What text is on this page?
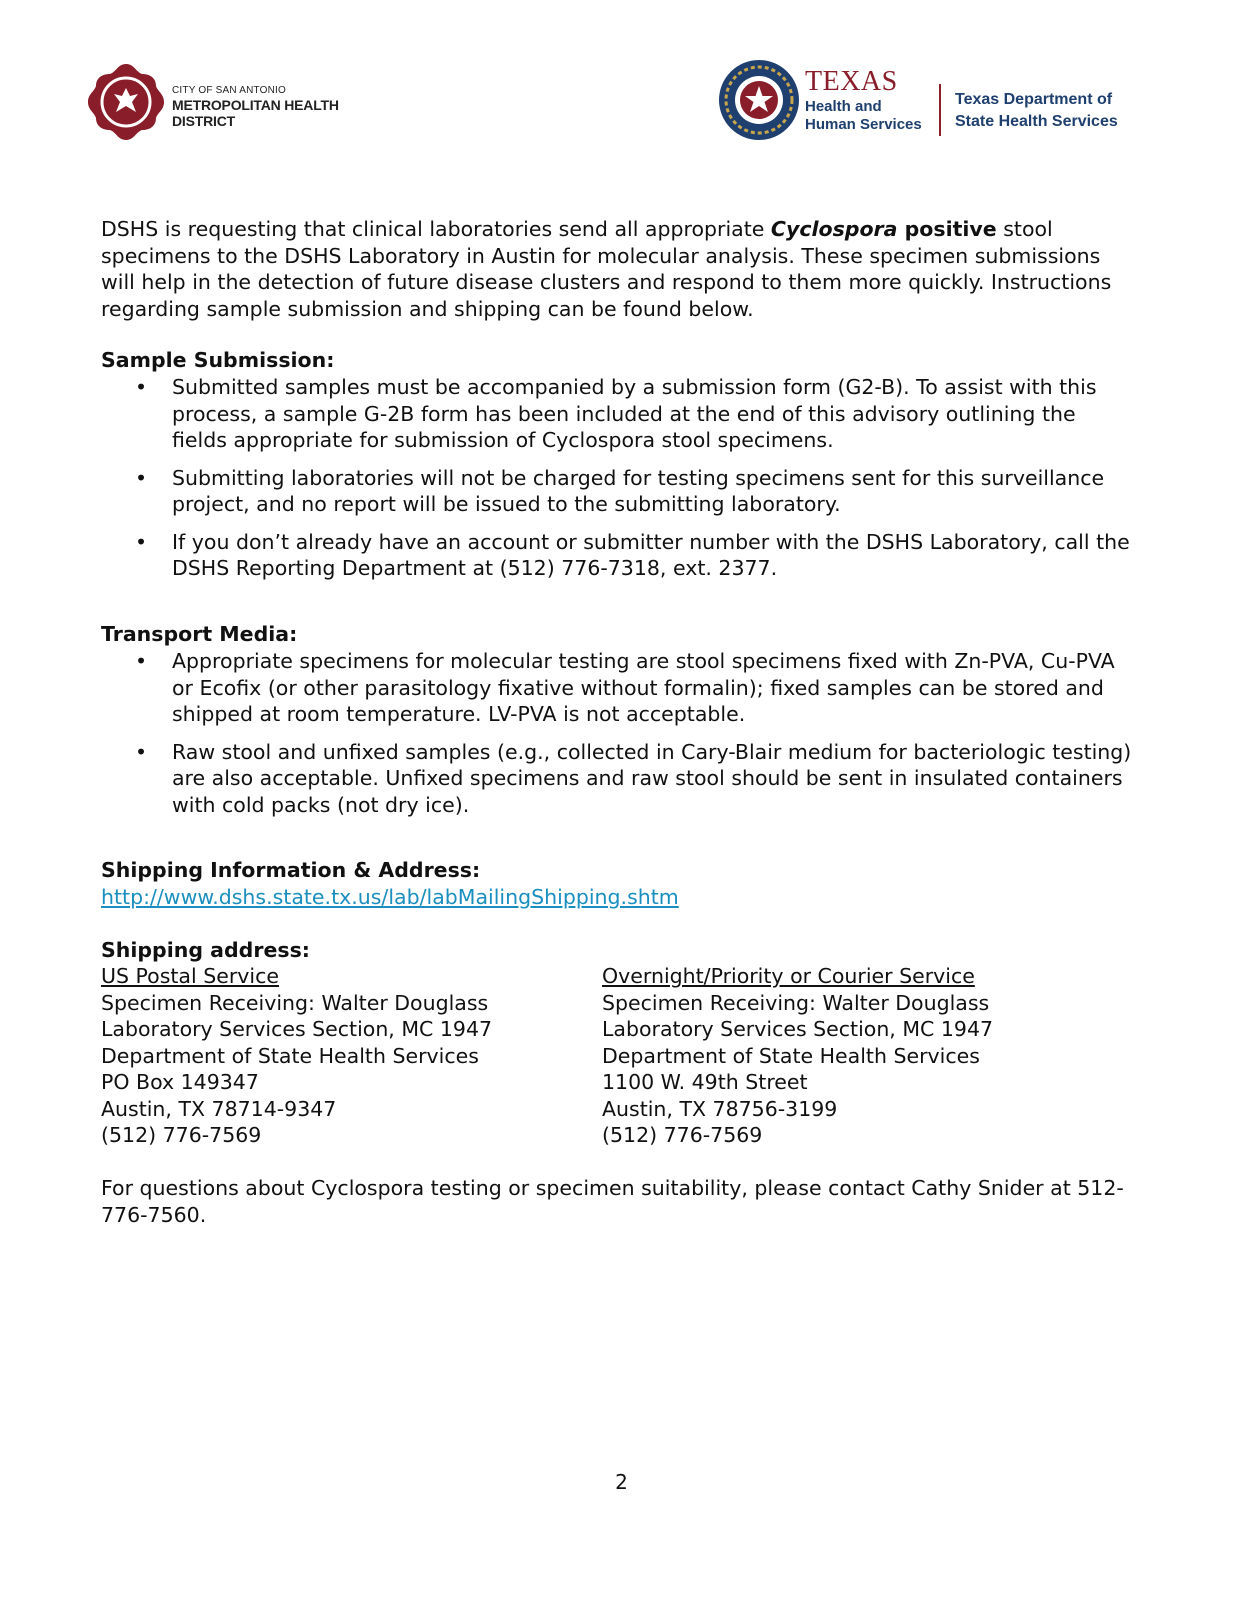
CITY OF SAN ANTONIO
METROPOLITAN HEALTH DISTRICT
TEXAS
Health and Human Services
Texas Department of State Health Services
DSHS is requesting that clinical laboratories send all appropriate Cyclospora positive stool specimens to the DSHS Laboratory in Austin for molecular analysis. These specimen submissions will help in the detection of future disease clusters and respond to them more quickly. Instructions regarding sample submission and shipping can be found below.
Sample Submission:
• Submitted samples must be accompanied by a submission form (G2-B). To assist with this process, a sample G-2B form has been included at the end of this advisory outlining the fields appropriate for submission of Cyclospora stool specimens.
• Submitting laboratories will not be charged for testing specimens sent for this surveillance project, and no report will be issued to the submitting laboratory.
• If you don’t already have an account or submitter number with the DSHS Laboratory, call the DSHS Reporting Department at (512) 776-7318, ext. 2377.
Transport Media:
• Appropriate specimens for molecular testing are stool specimens fixed with Zn-PVA, Cu-PVA or Ecofix (or other parasitology fixative without formalin); fixed samples can be stored and shipped at room temperature. LV-PVA is not acceptable.
• Raw stool and unfixed samples (e.g., collected in Cary-Blair medium for bacteriologic testing) are also acceptable. Unfixed specimens and raw stool should be sent in insulated containers with cold packs (not dry ice).
Shipping Information & Address:
http://www.dshs.state.tx.us/lab/labMailingShipping.shtm
Shipping address:
US Postal Service
Specimen Receiving: Walter Douglass
Laboratory Services Section, MC 1947
Department of State Health Services
PO Box 149347
Austin, TX 78714-9347
(512) 776-7569
Overnight/Priority or Courier Service
Specimen Receiving: Walter Douglass
Laboratory Services Section, MC 1947
Department of State Health Services
1100 W. 49th Street
Austin, TX 78756-3199
(512) 776-7569
For questions about Cyclospora testing or specimen suitability, please contact Cathy Snider at 512-776-7560.
2
